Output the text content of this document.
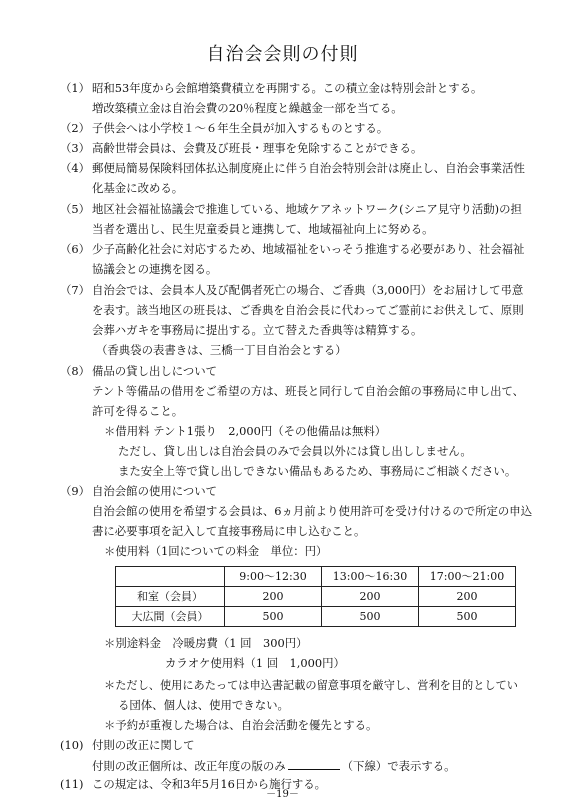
自治会会則の付則
（1） 昭和53年度から会館増築費積立を再開する。この積立金は特別会計とする。
増改築積立金は自治会費の20％程度と繰越金一部を当てる。
（2） 子供会へは小学校１～６年生全員が加入するものとする。
（3） 高齢世帯会員は、会費及び班長・理事を免除することができる。
（4） 郵便局簡易保険料団体払込制度廃止に伴う自治会特別会計は廃止し、自治会事業活性
化基金に改める。
（5） 地区社会福祉協議会で推進している、地域ケアネットワーク(シニア見守り活動)の担
当者を選出し、民生児童委員と連携して、地域福祉向上に努める。
（6） 少子高齢化社会に対応するため、地域福祉をいっそう推進する必要があり、社会福祉
協議会との連携を図る。
（7） 自治会では、会員本人及び配偶者死亡の場合、ご香典（3,000円）をお届けして弔意
を表す。該当地区の班長は、ご香典を自治会長に代わってご霊前にお供えして、原則
会葬ハガキを事務局に提出する。立て替えた香典等は精算する。
（香典袋の表書きは、三橋一丁目自治会とする）
（8） 備品の貸し出しについて
テント等備品の借用をご希望の方は、班長と同行して自治会館の事務局に申し出て、
許可を得ること。
＊借用料 テント1張り　2,000円（その他備品は無料）
ただし、貸し出しは自治会員のみで会員以外には貸し出ししません。
また安全上等で貸し出しできない備品もあるため、事務局にご相談ください。
（9） 自治会館の使用について
自治会館の使用を希望する会員は、6ヵ月前より使用許可を受け付けるので所定の申込
書に必要事項を記入して直接事務局に申し込むこと。
＊使用料（1回についての料金　単位：円）
	9:00～12:30	13:00～16:30	17:00～21:00
和室（会員）	200	200	200
大広間（会員）	500	500	500
＊別途料金　冷暖房費（1 回　300円）
カラオケ使用料（1 回　1,000円）
＊ただし、使用にあたっては申込書記載の留意事項を厳守し、営利を目的としてい
る団体、個人は、使用できない。
＊予約が重複した場合は、自治会活動を優先とする。
(10) 付則の改正に関して
付則の改正個所は、改正年度の版のみ	（下線）で表示する。
(11) この規定は、令和3年5月16日から施行する。
－19－
